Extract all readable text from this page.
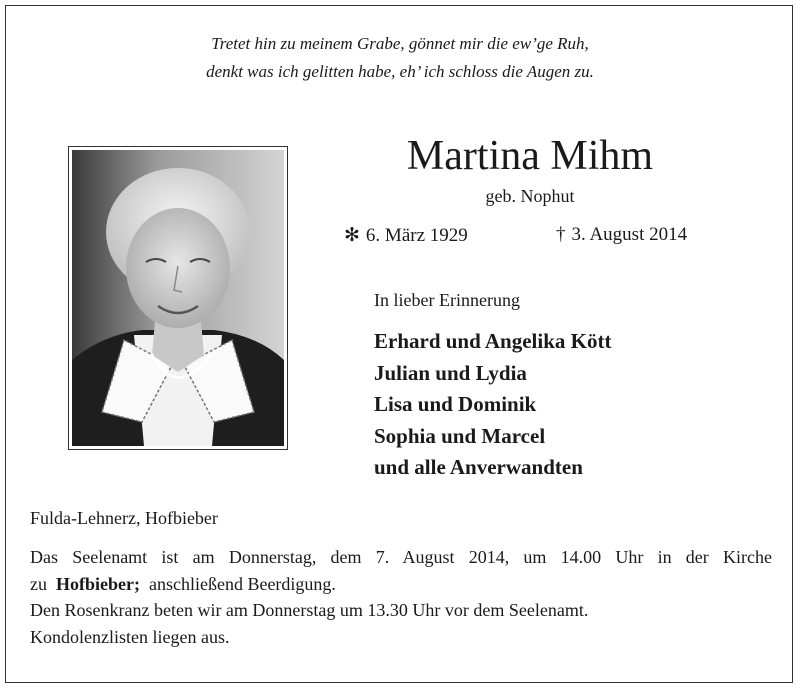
Tretet hin zu meinem Grabe, gönnet mir die ew’ge Ruh,
denkt was ich gelitten habe, eh’ ich schloss die Augen zu.
Martina Mihm
geb. Nophut
✻ 6. März 1929	† 3. August 2014
In lieber Erinnerung
Erhard und Angelika Kött
Julian und Lydia
Lisa und Dominik
Sophia und Marcel
und alle Anverwandten
Fulda-Lehnerz, Hofbieber

Das Seelenamt ist am Donnerstag, dem 7. August 2014, um 14.00 Uhr in der Kirche

zu Hofbieber; anschließend Beerdigung.

Den Rosenkranz beten wir am Donnerstag um 13.30 Uhr vor dem Seelenamt.

Kondolenzlisten liegen aus.
